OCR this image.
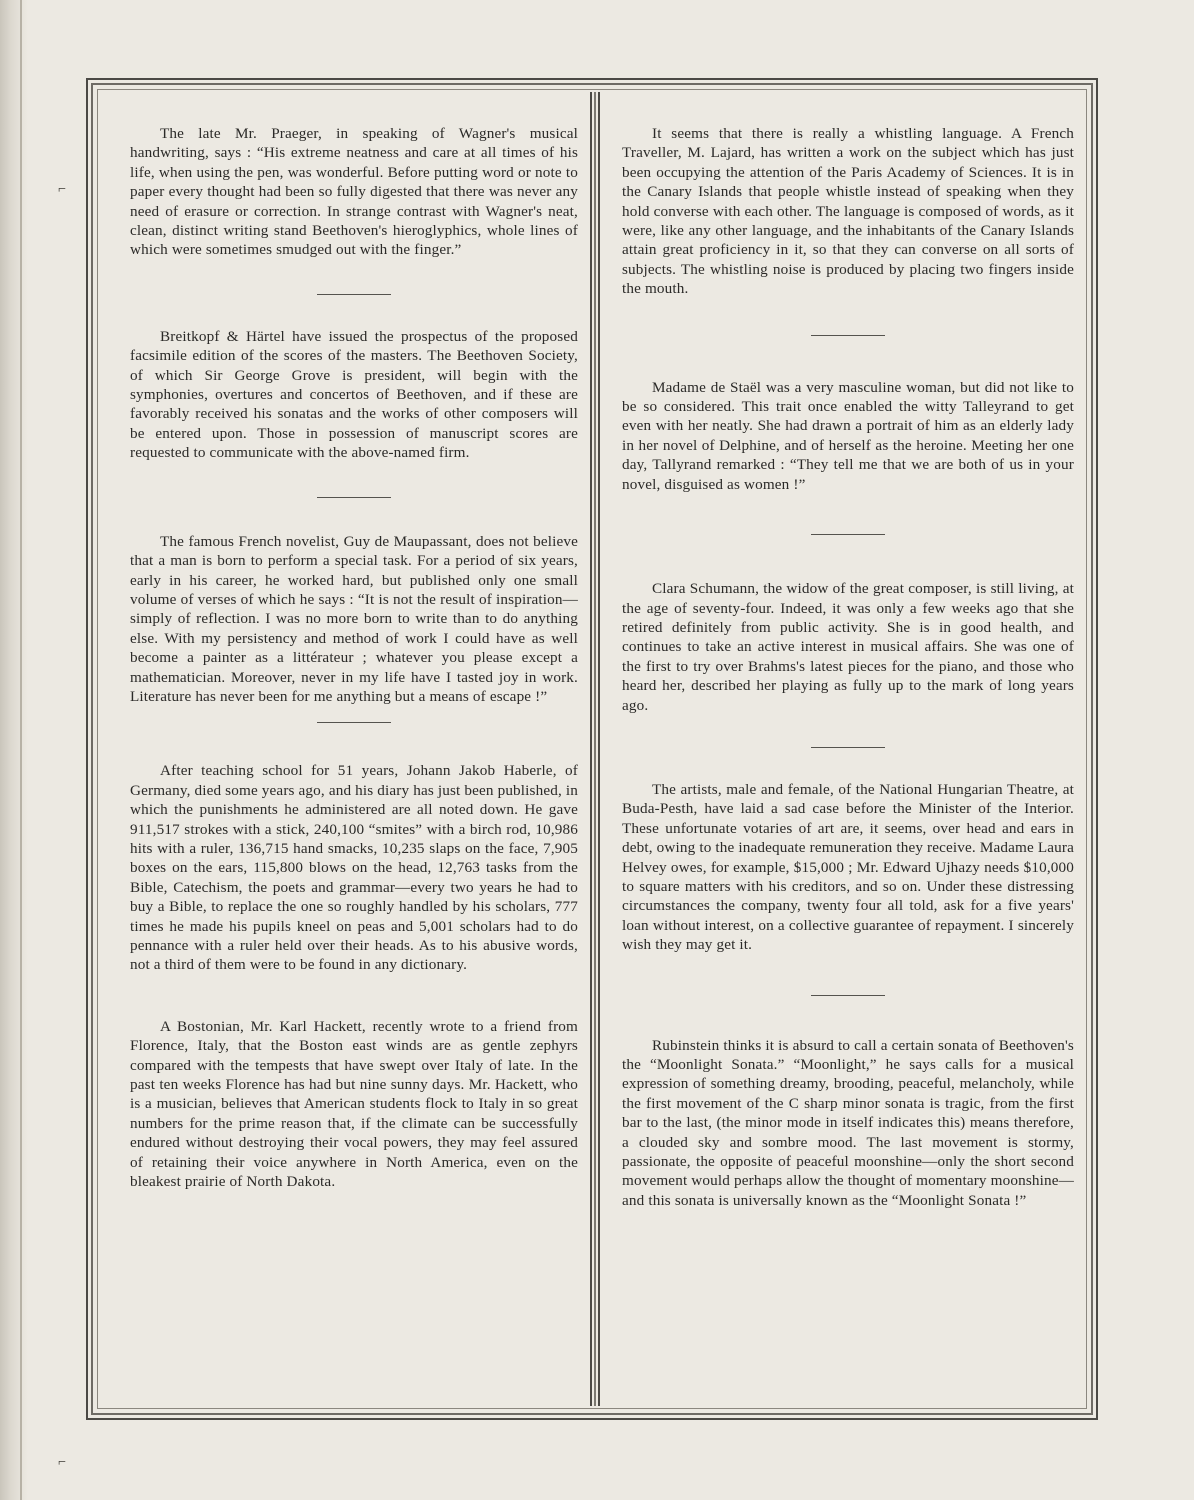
⌐
⌐

The late Mr. Praeger, in speaking of Wagner's musical handwriting, says : “His extreme neatness and care at all times of his life, when using the pen, was wonderful. Before putting word or note to paper every thought had been so fully digested that there was never any need of erasure or correction. In strange contrast with Wagner's neat, clean, distinct writing stand Beethoven's hieroglyphics, whole lines of which were sometimes smudged out with the finger.”

Breitkopf & Härtel have issued the prospectus of the proposed facsimile edition of the scores of the masters. The Beethoven Society, of which Sir George Grove is president, will begin with the symphonies, overtures and concertos of Beethoven, and if these are favorably received his sonatas and the works of other composers will be entered upon. Those in possession of manuscript scores are requested to communicate with the above-named firm.

The famous French novelist, Guy de Maupassant, does not believe that a man is born to perform a special task. For a period of six years, early in his career, he worked hard, but published only one small volume of verses of which he says : “It is not the result of inspiration—simply of reflection. I was no more born to write than to do anything else. With my persistency and method of work I could have as well become a painter as a littérateur ; whatever you please except a mathematician. Moreover, never in my life have I tasted joy in work. Literature has never been for me anything but a means of escape !”

After teaching school for 51 years, Johann Jakob Haberle, of Germany, died some years ago, and his diary has just been published, in which the punishments he administered are all noted down. He gave 911,517 strokes with a stick, 240,100 “smites” with a birch rod, 10,986 hits with a ruler, 136,715 hand smacks, 10,235 slaps on the face, 7,905 boxes on the ears, 115,800 blows on the head, 12,763 tasks from the Bible, Catechism, the poets and grammar—every two years he had to buy a Bible, to replace the one so roughly handled by his scholars, 777 times he made his pupils kneel on peas and 5,001 scholars had to do pennance with a ruler held over their heads. As to his abusive words, not a third of them were to be found in any dictionary.

A Bostonian, Mr. Karl Hackett, recently wrote to a friend from Florence, Italy, that the Boston east winds are as gentle zephyrs compared with the tempests that have swept over Italy of late. In the past ten weeks Florence has had but nine sunny days. Mr. Hackett, who is a musician, believes that American students flock to Italy in so great numbers for the prime reason that, if the climate can be successfully endured without destroying their vocal powers, they may feel assured of retaining their voice anywhere in North America, even on the bleakest prairie of North Dakota.

It seems that there is really a whistling language. A French Traveller, M. Lajard, has written a work on the subject which has just been occupying the attention of the Paris Academy of Sciences. It is in the Canary Islands that people whistle instead of speaking when they hold converse with each other. The language is composed of words, as it were, like any other language, and the inhabitants of the Canary Islands attain great proficiency in it, so that they can converse on all sorts of subjects. The whistling noise is produced by placing two fingers inside the mouth.

Madame de Staël was a very masculine woman, but did not like to be so considered. This trait once enabled the witty Talleyrand to get even with her neatly. She had drawn a portrait of him as an elderly lady in her novel of Delphine, and of herself as the heroine. Meeting her one day, Tallyrand remarked : “They tell me that we are both of us in your novel, disguised as women !”

Clara Schumann, the widow of the great composer, is still living, at the age of seventy-four. Indeed, it was only a few weeks ago that she retired definitely from public activity. She is in good health, and continues to take an active interest in musical affairs. She was one of the first to try over Brahms's latest pieces for the piano, and those who heard her, described her playing as fully up to the mark of long years ago.

The artists, male and female, of the National Hungarian Theatre, at Buda-Pesth, have laid a sad case before the Minister of the Interior. These unfortunate votaries of art are, it seems, over head and ears in debt, owing to the inadequate remuneration they receive. Madame Laura Helvey owes, for example, $15,000 ; Mr. Edward Ujhazy needs $10,000 to square matters with his creditors, and so on. Under these distressing circumstances the company, twenty four all told, ask for a five years' loan without interest, on a collective guarantee of repayment. I sincerely wish they may get it.

Rubinstein thinks it is absurd to call a certain sonata of Beethoven's the “Moonlight Sonata.” “Moonlight,” he says calls for a musical expression of something dreamy, brooding, peaceful, melancholy, while the first movement of the C sharp minor sonata is tragic, from the first bar to the last, (the minor mode in itself indicates this) means therefore, a clouded sky and sombre mood. The last movement is stormy, passionate, the opposite of peaceful moonshine—only the short second movement would perhaps allow the thought of momentary moonshine—and this sonata is universally known as the “Moonlight Sonata !”
